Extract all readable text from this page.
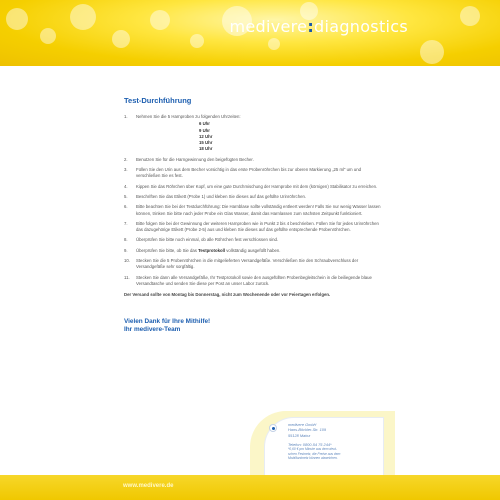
medivere:diagnostics
Test-Durchführung
1.	Nehmen Sie die 5 Harnproben zu folgenden Uhrzeiten:
6 Uhr
9 Uhr
12 Uhr
15 Uhr
18 Uhr
2.	Benutzen Sie für die Harngewinnung den beigefügten Becher.
3.	Füllen Sie den Urin aus dem Becher vorsichtig in das erste Probenröhrchen bis zur oberen Markierung „25 ml“ um und verschließen Sie es fest.
4.	Kippen Sie das Röhrchen über Kopf, um eine gute Durchmischung der Harnprobe mit dem (körnigen) Stabilisator zu erreichen.
5.	Beschriften Sie das Etikett (Probe 1) und kleben Sie dieses auf das gefüllte Urinröhrchen.
6.	Bitte beachten Sie bei der Testdurchführung: Die Harnblase sollte vollständig entleert werden! Falls Sie nur wenig Wasser lassen können, trinken Sie bitte nach jeder Probe ein Glas Wasser, damit das Harnlassen zum nächsten Zeitpunkt funktioniert.
7.	Bitte folgen Sie bei der Gewinnung der weiteren Harnproben wie in Punkt 2 bis 4 beschrieben. Füllen Sie für jedes Urinröhrchen das dazugehörige Etikett (Probe 2-5) aus und kleben Sie dieses auf das gefüllte entsprechende Probenröhrchen.
8.	Überprüfen Sie bitte noch einmal, ob alle Röhrchen fest verschlossen sind.
9.	Überprüfen Sie bitte, ob Sie das Testprotokoll vollständig ausgefüllt haben.
10.	Stecken Sie die 5 Probenröhrchen in die mitgelieferten Versandgefäße. Verschließen Sie den Schraubverschluss der Versandgefäße sehr sorgfältig.
11.	Stecken Sie dann alle Versandgefäße, Ihr Testprotokoll sowie den ausgefüllten Probenbegleitschein in die beiliegende blaue Versandtasche und senden Sie diese per Post an unser Labor zurück.
Der Versand sollte von Montag bis Donnerstag, nicht zum Wochenende oder vor Feiertagen erfolgen.
Vielen Dank für Ihre Mithilfe!
Ihr medivere-Team
medivere GmbH
Hans-Böckler-Str. 109
55128 Mainz
Telefon: 0800-54 75 244*
*0,60 € pro Minute aus dem deut-
schen Festnetz, die Preise aus dem
Mobilfunknetz können abweichen.
www.medivere.de
